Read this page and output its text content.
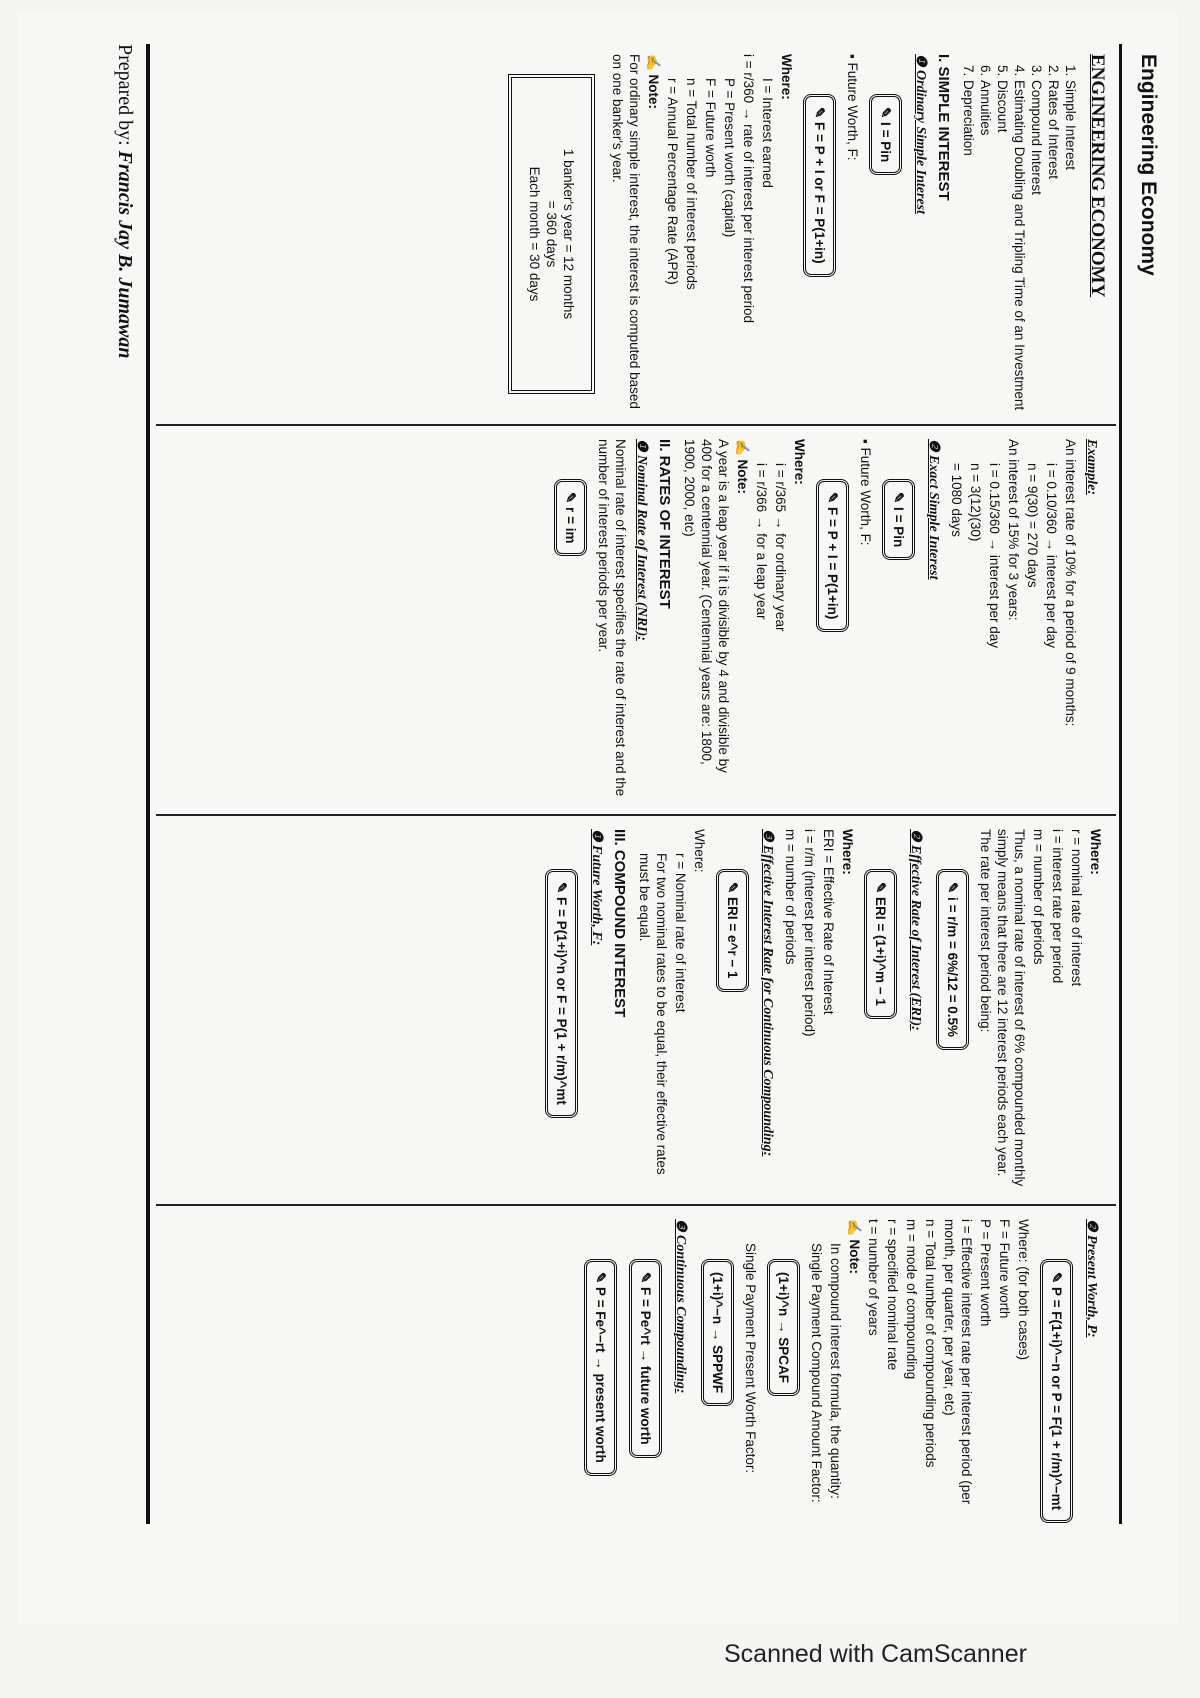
Engineering Economy
ENGINEERING ECONOMY
1. Simple Interest
2. Rates of Interest
3. Compound Interest
4. Estimating Doubling and Tripling Time of an Investment
5. Discount
6. Annuities
7. Depreciation
I. SIMPLE INTEREST
❶ Ordinary Simple Interest
✎ I = Pin
▪ Future Worth, F:
✎ F = P + I or F = P(1+in)
Where:
I = Interest earned
i = r/360 → rate of interest per interest period
P = Present worth (capital)
F = Future worth
n = Total number of interest periods
r = Annual Percentage Rate (APR)
✍ Note:
For ordinary simple interest, the interest is computed based on one banker's year.
1 banker's year = 12 months
= 360 days
Each month = 30 days
Example:
An interest rate of 10% for a period of 9 months:
i = 0.10/360 → interest per day
n = 9(30) = 270 days
An interest of 15% for 3 years:
i = 0.15/360 → interest per day
n = 3(12)(30)
= 1080 days
❷ Exact Simple Interest
✎ I = Pin
▪ Future Worth, F:
✎ F = P + I = P(1+in)
Where:
i = r/365 → for ordinary year
i = r/366 → for a leap year
✍ Note:
A year is a leap year if it is divisible by 4 and divisible by 400 for a centennial year. (Centennial years are: 1800, 1900, 2000, etc)
II. RATES OF INTEREST
❶ Nominal Rate of Interest (NRI):
Nominal rate of interest specifies the rate of interest and the number of interest periods per year.
✎ r = im
Where:
r = nominal rate of interest
i = interest rate per period
m = number of periods
Thus, a nominal rate of interest of 6% compounded monthly simply means that there are 12 interest periods each year. The rate per interest period being:
✎ i = r/m = 6%/12 = 0.5%
❷ Effective Rate of Interest (ERI):
✎ ERI = (1+i)^m − 1
Where:
ERI = Effective Rate of Interest
i = r/m (interest per interest period)
m = number of periods
❸ Effective Interest Rate for Continuous Compounding:
✎ ERI = e^r − 1
Where:
r = Nominal rate of interest
For two nominal rates to be equal, their effective rates must be equal.
III. COMPOUND INTEREST
❶ Future Worth, F:
✎ F = P(1+i)^n or F = P(1 + r/m)^mt
❷ Present Worth, P:
✎ P = F(1+i)^−n or P = F(1 + r/m)^−mt
Where: (for both cases)
F = Future worth
P = Present worth
i = Effective interest rate per interest period (per month, per quarter, per year, etc)
n = Total number of compounding periods
m = mode of compounding
r = specified nominal rate
t = number of years
✍ Note:
In compound interest formula, the quantity:
Single Payment Compound Amount Factor:
(1+i)^n → SPCAF
Single Payment Present Worth Factor:
(1+i)^−n → SPPWF
❸ Continuous Compounding:
✎ F = Pe^rt → future worth ✎ P = Fe^−rt → present worth
Prepared by: Francis Jay B. Jumawan
Scanned with CamScanner
